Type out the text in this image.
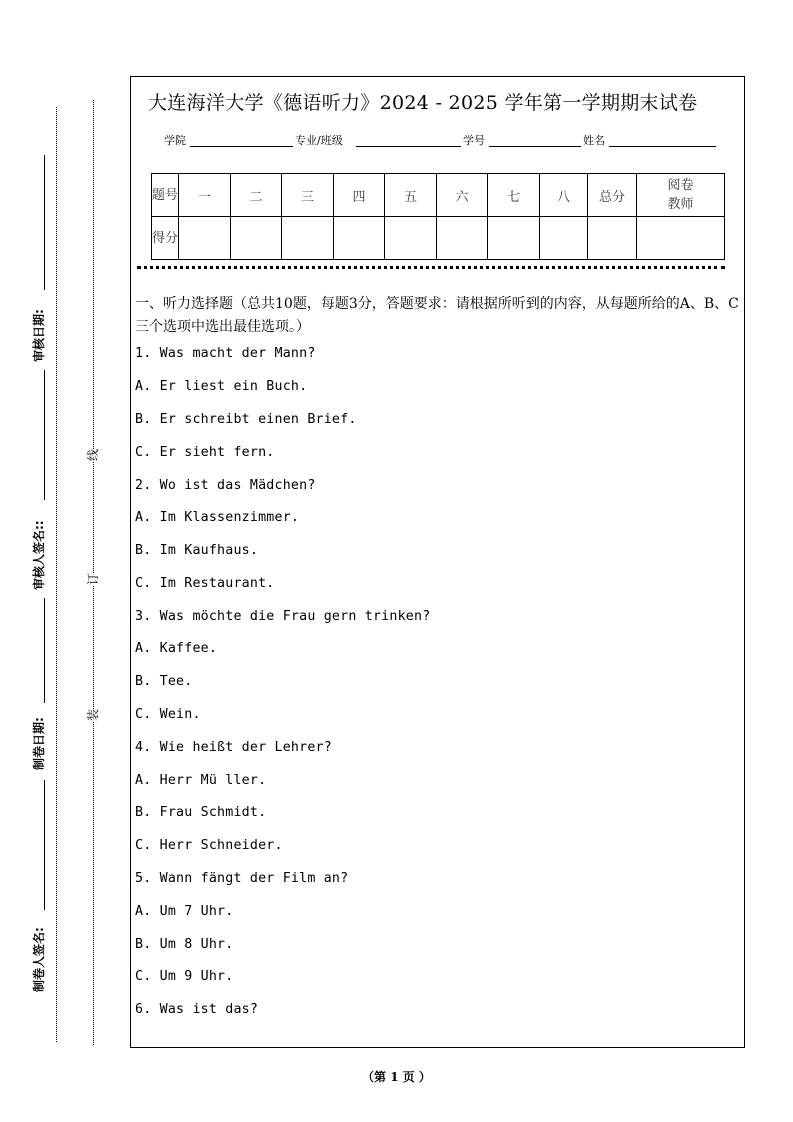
审核日期:
审核人签名::
制卷日期:
制卷人签名:
线
订
装
大连海洋大学《德语听力》2024 - 2025 学年第一学期期末试卷
学院	专业/班级	学号	姓名
题号	一	二	三	四	五	六	七	八	总分	阅卷教师
得分										
一、听力选择题（总共10题，每题3分，答题要求：请根据所听到的内容，从每题所给的A、B、C三个选项中选出最佳选项。）
1. Was macht der Mann?
A. Er liest ein Buch.
B. Er schreibt einen Brief.
C. Er sieht fern.
2. Wo ist das Mädchen?
A. Im Klassenzimmer.
B. Im Kaufhaus.
C. Im Restaurant.
3. Was möchte die Frau gern trinken?
A. Kaffee.
B. Tee.
C. Wein.
4. Wie heißt der Lehrer?
A. Herr Mü ller.
B. Frau Schmidt.
C. Herr Schneider.
5. Wann fängt der Film an?
A. Um 7 Uhr.
B. Um 8 Uhr.
C. Um 9 Uhr.
6. Was ist das?
（第 1 页 ）
